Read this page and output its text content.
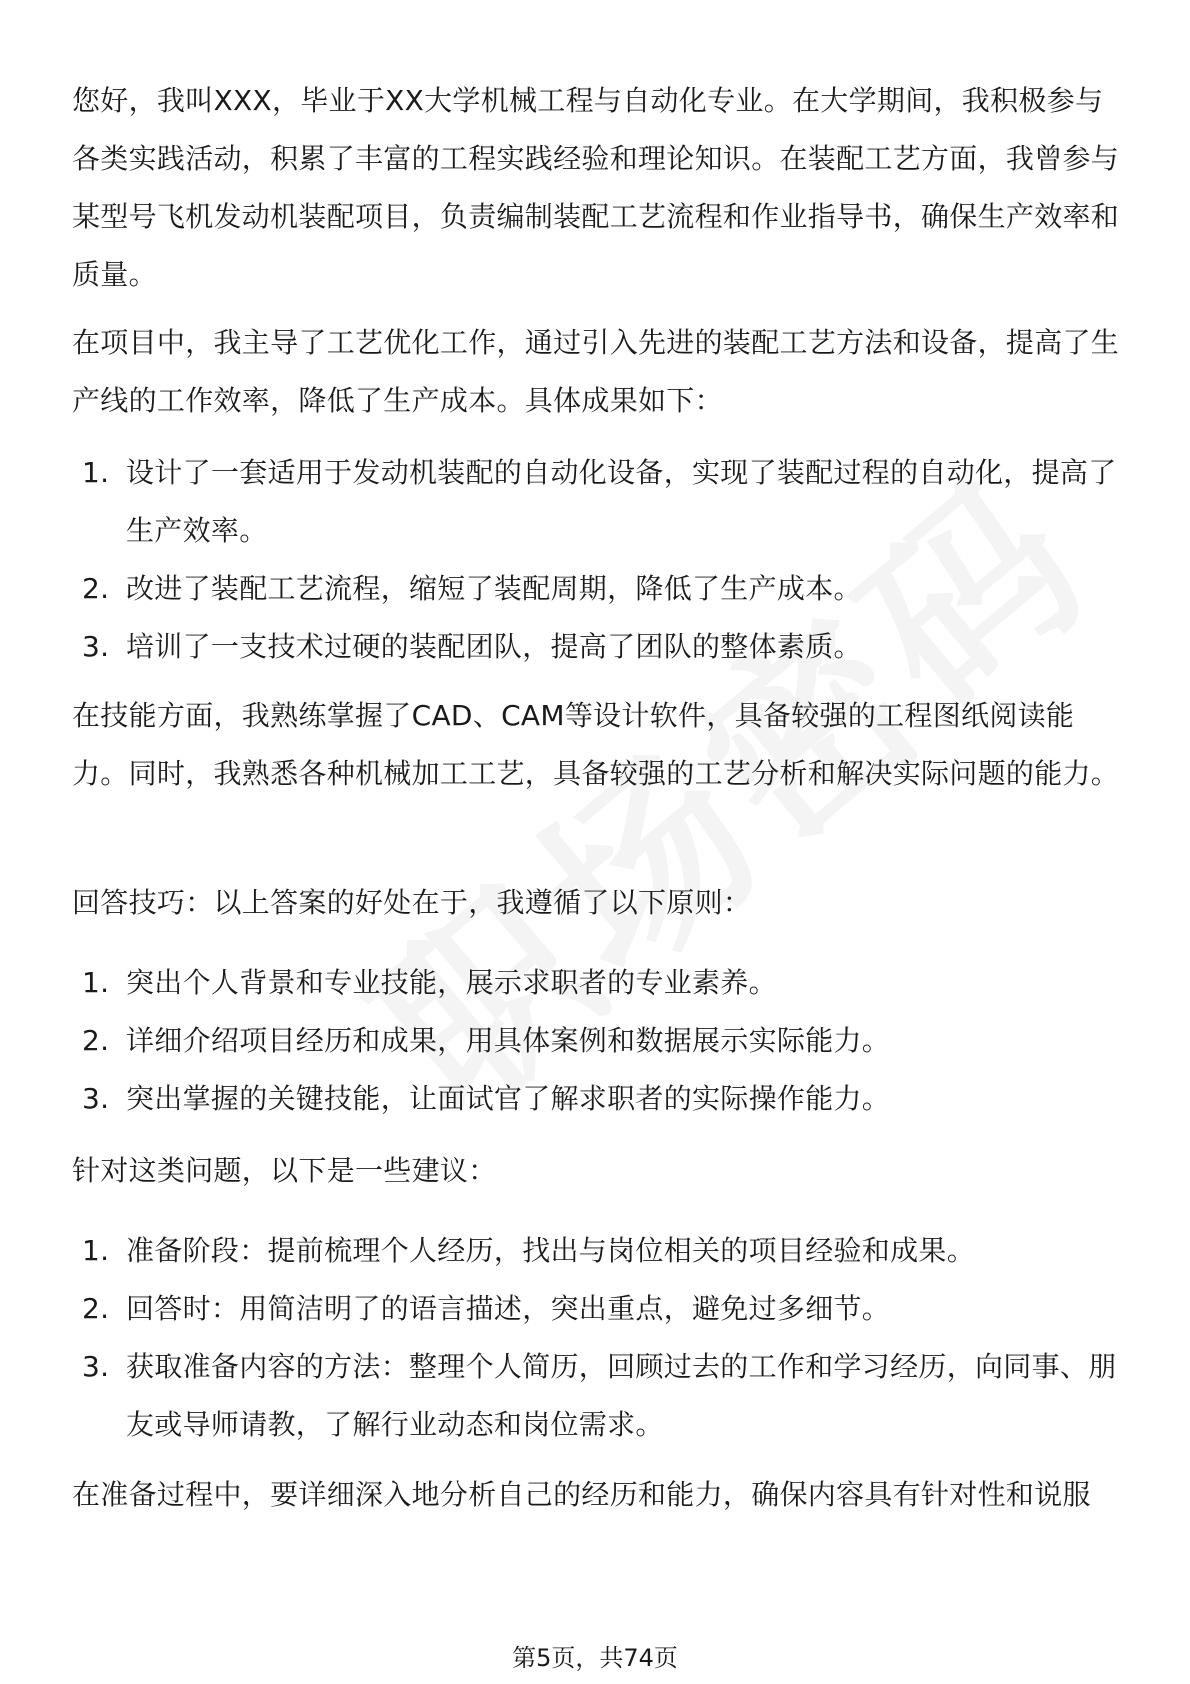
您好，我叫XXX，毕业于XX大学机械工程与自动化专业。在大学期间，我积极参与各类实践活动，积累了丰富的工程实践经验和理论知识。在装配工艺方面，我曾参与某型号飞机发动机装配项目，负责编制装配工艺流程和作业指导书，确保生产效率和质量。

在项目中，我主导了工艺优化工作，通过引入先进的装配工艺方法和设备，提高了生产线的工作效率，降低了生产成本。具体成果如下：

1. 设计了一套适用于发动机装配的自动化设备，实现了装配过程的自动化，提高了生产效率。
2. 改进了装配工艺流程，缩短了装配周期，降低了生产成本。
3. 培训了一支技术过硬的装配团队，提高了团队的整体素质。

在技能方面，我熟练掌握了CAD、CAM等设计软件，具备较强的工程图纸阅读能力。同时，我熟悉各种机械加工工艺，具备较强的工艺分析和解决实际问题的能力。

回答技巧：以上答案的好处在于，我遵循了以下原则：

1. 突出个人背景和专业技能，展示求职者的专业素养。
2. 详细介绍项目经历和成果，用具体案例和数据展示实际能力。
3. 突出掌握的关键技能，让面试官了解求职者的实际操作能力。

针对这类问题，以下是一些建议：

1. 准备阶段：提前梳理个人经历，找出与岗位相关的项目经验和成果。
2. 回答时：用简洁明了的语言描述，突出重点，避免过多细节。
3. 获取准备内容的方法：整理个人简历，回顾过去的工作和学习经历，向同事、朋友或导师请教，了解行业动态和岗位需求。

在准备过程中，要详细深入地分析自己的经历和能力，确保内容具有针对性和说服

第5页，共74页
